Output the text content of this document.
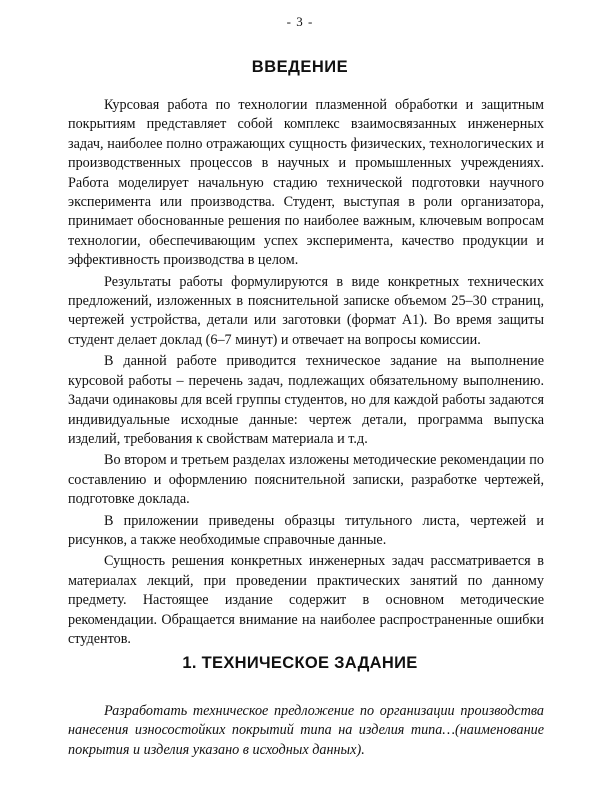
- 3 -
ВВЕДЕНИЕ

Курсовая работа по технологии плазменной обработки и защитным покрытиям представляет собой комплекс взаимосвязанных инженерных задач, наиболее полно отражающих сущность физических, технологических и производственных процессов в научных и промышленных учреждениях. Работа моделирует начальную стадию технической подготовки научного эксперимента или производства. Студент, выступая в роли организатора, принимает обоснованные решения по наиболее важным, ключевым вопросам технологии, обеспечивающим успех эксперимента, качество продукции и эффективность производства в целом.

Результаты работы формулируются в виде конкретных технических предложений, изложенных в пояснительной записке объемом 25–30 страниц, чертежей устройства, детали или заготовки (формат А1). Во время защиты студент делает доклад (6–7 минут) и отвечает на вопросы комиссии.

В данной работе приводится техническое задание на выполнение курсовой работы – перечень задач, подлежащих обязательному выполнению. Задачи одинаковы для всей группы студентов, но для каждой работы задаются индивидуальные исходные данные: чертеж детали, программа выпуска изделий, требования к свойствам материала и т.д.

Во втором и третьем разделах изложены методические рекомендации по составлению и оформлению пояснительной записки, разработке чертежей, подготовке доклада.

В приложении приведены образцы титульного листа, чертежей и рисунков, а также необходимые справочные данные.

Сущность решения конкретных инженерных задач рассматривается в материалах лекций, при проведении практических занятий по данному предмету. Настоящее издание содержит в основном методические рекомендации. Обращается внимание на наиболее распространенные ошибки студентов.

1. ТЕХНИЧЕСКОЕ ЗАДАНИЕ

Разработать техническое предложение по организации производства нанесения износостойких покрытий типа на изделия типа…(наименование покрытия и изделия указано в исходных данных).
